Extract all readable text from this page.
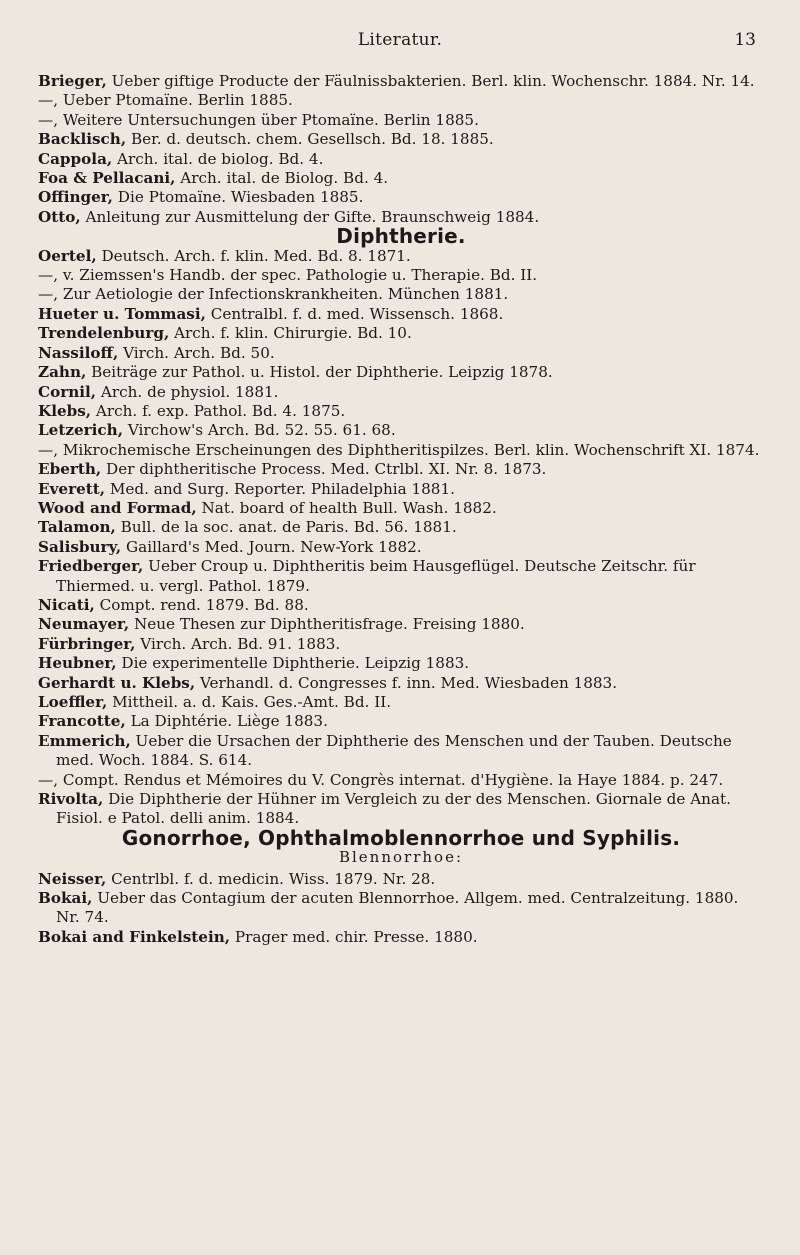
Literatur.	13

Brieger, Ueber giftige Producte der Fäulnissbakterien. Berl. klin. Wochenschr. 1884. Nr. 14.

—, Ueber Ptomaïne. Berlin 1885.

—, Weitere Untersuchungen über Ptomaïne. Berlin 1885.

Backlisch, Ber. d. deutsch. chem. Gesellsch. Bd. 18. 1885.

Cappola, Arch. ital. de biolog. Bd. 4.

Foa & Pellacani, Arch. ital. de Biolog. Bd. 4.

Offinger, Die Ptomaïne. Wiesbaden 1885.

Otto, Anleitung zur Ausmittelung der Gifte. Braunschweig 1884.

Diphtherie.

Oertel, Deutsch. Arch. f. klin. Med. Bd. 8. 1871.

—, v. Ziemssen's Handb. der spec. Pathologie u. Therapie. Bd. II.

—, Zur Aetiologie der Infectionskrankheiten. München 1881.

Hueter u. Tommasi, Centralbl. f. d. med. Wissensch. 1868.

Trendelenburg, Arch. f. klin. Chirurgie. Bd. 10.

Nassiloff, Virch. Arch. Bd. 50.

Zahn, Beiträge zur Pathol. u. Histol. der Diphtherie. Leipzig 1878.

Cornil, Arch. de physiol. 1881.

Klebs, Arch. f. exp. Pathol. Bd. 4. 1875.

Letzerich, Virchow's Arch. Bd. 52. 55. 61. 68.

—, Mikrochemische Erscheinungen des Diphtheritispilzes. Berl. klin. Wochenschrift XI. 1874.

Eberth, Der diphtheritische Process. Med. Ctrlbl. XI. Nr. 8. 1873.

Everett, Med. and Surg. Reporter. Philadelphia 1881.

Wood and Formad, Nat. board of health Bull. Wash. 1882.

Talamon, Bull. de la soc. anat. de Paris. Bd. 56. 1881.

Salisbury, Gaillard's Med. Journ. New-York 1882.

Friedberger, Ueber Croup u. Diphtheritis beim Hausgeflügel. Deutsche Zeitschr. für Thiermed. u. vergl. Pathol. 1879.

Nicati, Compt. rend. 1879. Bd. 88.

Neumayer, Neue Thesen zur Diphtheritisfrage. Freising 1880.

Fürbringer, Virch. Arch. Bd. 91. 1883.

Heubner, Die experimentelle Diphtherie. Leipzig 1883.

Gerhardt u. Klebs, Verhandl. d. Congresses f. inn. Med. Wiesbaden 1883.

Loeffler, Mittheil. a. d. Kais. Ges.-Amt. Bd. II.

Francotte, La Diphtérie. Liège 1883.

Emmerich, Ueber die Ursachen der Diphtherie des Menschen und der Tauben. Deutsche med. Woch. 1884. S. 614.

—, Compt. Rendus et Mémoires du V. Congrès internat. d'Hygiène. la Haye 1884. p. 247.

Rivolta, Die Diphtherie der Hühner im Vergleich zu der des Menschen. Giornale de Anat. Fisiol. e Patol. delli anim. 1884.

Gonorrhoe, Ophthalmoblennorrhoe und Syphilis.

Blennorrhoe:

Neisser, Centrlbl. f. d. medicin. Wiss. 1879. Nr. 28.

Bokai, Ueber das Contagium der acuten Blennorrhoe. Allgem. med. Centralzeitung. 1880. Nr. 74.

Bokai and Finkelstein, Prager med. chir. Presse. 1880.
